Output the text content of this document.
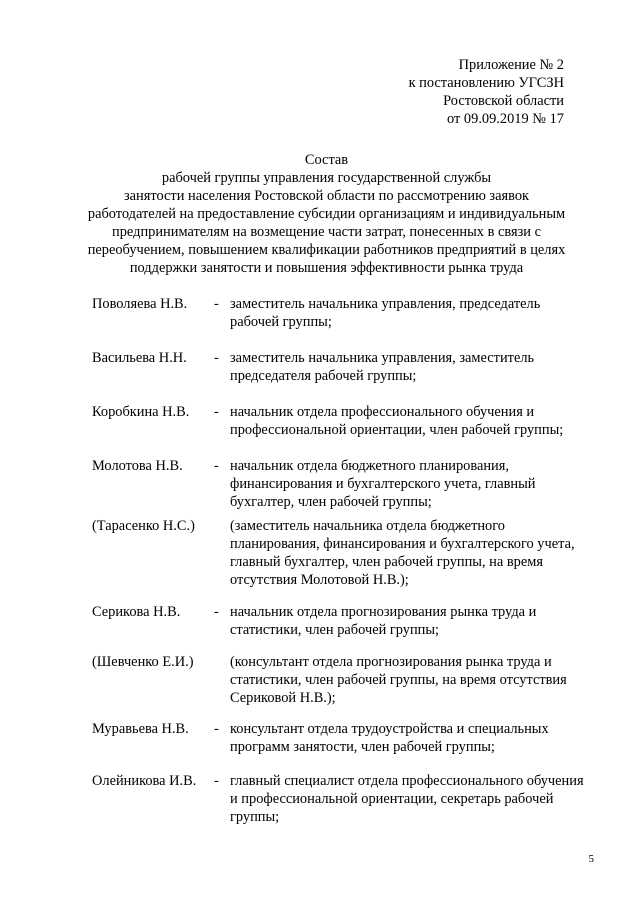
Приложение № 2
к постановлению УГСЗН
Ростовской области
от 09.09.2019 № 17
Состав
рабочей группы управления государственной службы
занятости населения Ростовской области по рассмотрению заявок
работодателей на предоставление субсидии организациям и индивидуальным
предпринимателям на возмещение части затрат, понесенных в связи с
переобучением, повышением квалификации работников предприятий в целях
поддержки занятости и повышения эффективности рынка труда
Поволяева Н.В. - заместитель начальника управления, председатель
рабочей группы;
Васильева Н.Н. - заместитель начальника управления, заместитель
председателя рабочей группы;
Коробкина Н.В. - начальник отдела профессионального обучения и
профессиональной ориентации, член рабочей группы;
Молотова Н.В. - начальник отдела бюджетного планирования,
финансирования и бухгалтерского учета, главный
бухгалтер, член рабочей группы;
(Тарасенко Н.С.) (заместитель начальника отдела бюджетного
планирования, финансирования и бухгалтерского учета,
главный бухгалтер, член рабочей группы, на время
отсутствия Молотовой Н.В.);
Серикова Н.В. - начальник отдела прогнозирования рынка труда и
статистики, член рабочей группы;
(Шевченко Е.И.)	(консультант отдела прогнозирования рынка труда и
статистики, член рабочей группы, на время отсутствия
Сериковой Н.В.);
Муравьева Н.В. - консультант отдела трудоустройства и специальных
программ занятости, член рабочей группы;
Олейникова И.В. - главный специалист отдела профессионального обучения
и профессиональной ориентации, секретарь рабочей
группы;
5
